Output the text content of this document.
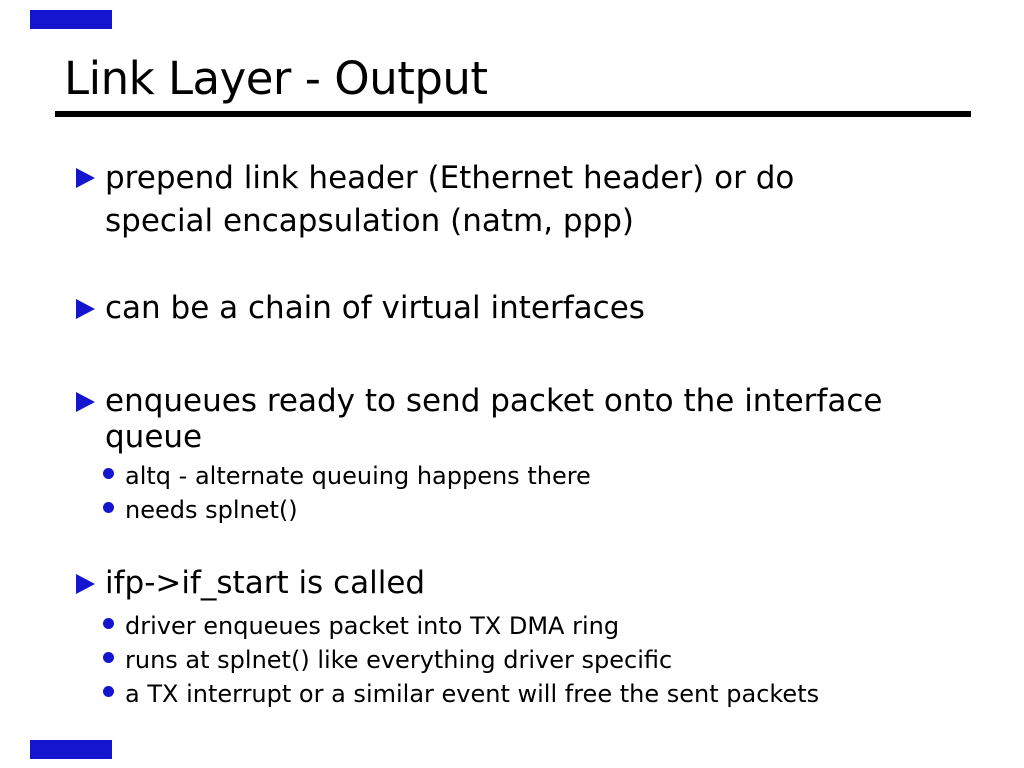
Link Layer - Output
prepend link header (Ethernet header) or do
special encapsulation (natm, ppp)
can be a chain of virtual interfaces
enqueues ready to send packet onto the interface
queue
altq - alternate queuing happens there
needs splnet()
ifp->if_start is called
driver enqueues packet into TX DMA ring
runs at splnet() like everything driver specific
a TX interrupt or a similar event will free the sent packets
